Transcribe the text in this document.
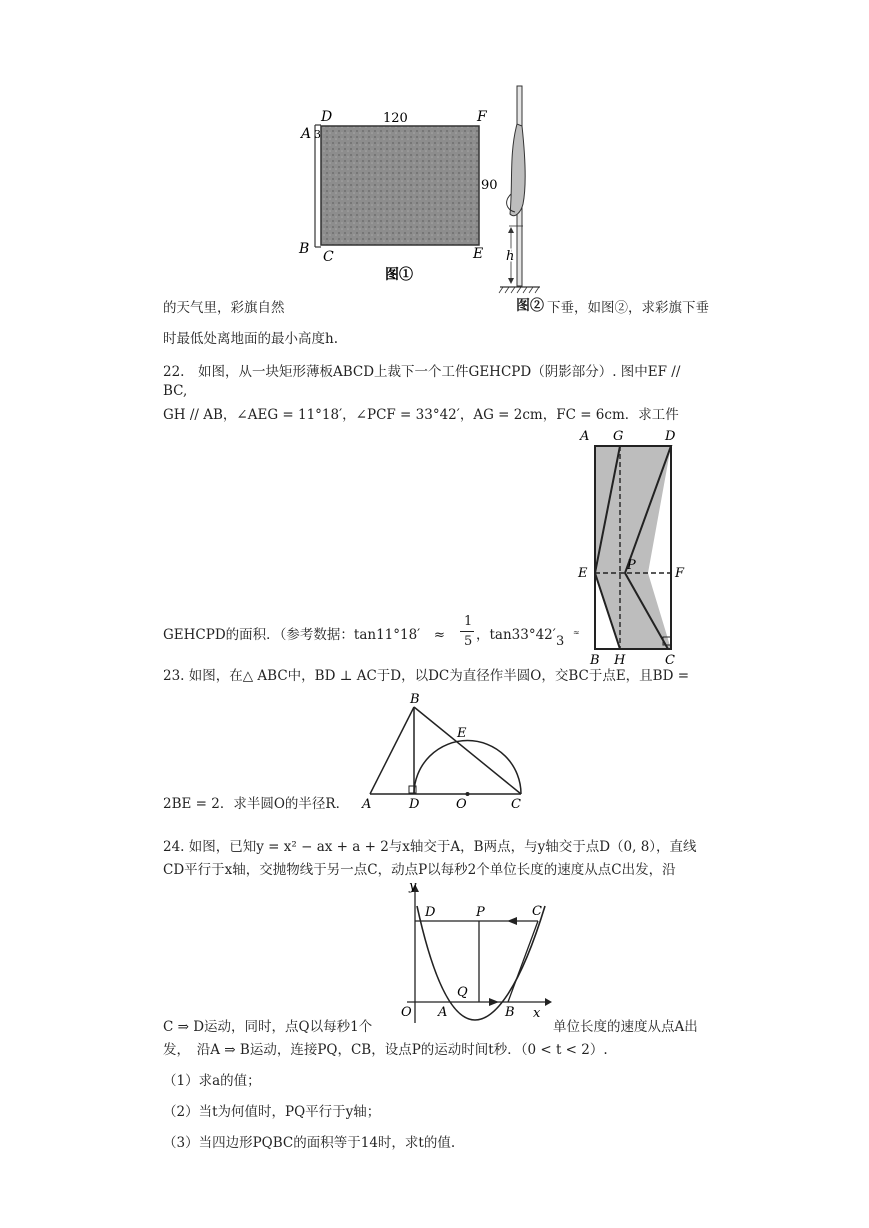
D	120	F
A 3
90
B C	E
图①
h
的天气里，彩旗自然	图② 下垂，如图②，求彩旗下垂
时最低处离地面的最小高度h.
22.　如图，从一块矩形薄板ABCD上裁下一个工件GEHCPD（阴影部分）. 图中EF //
BC,
GH // AB，∠AEG = 11°18′，∠PCF = 33°42′，AG = 2cm，FC = 6cm．求工件
A G	D
E
P
F
B H	C
GEHCPD的面积．（参考数据：tan11°18′　≈
1
5 ，tan33°42′ 3
≈
23. 如图，在△ ABC中，BD ⊥ AC于D，以DC为直径作半圆O，交BC于点E，且BD =
B
E
A	D	O	C
2BE = 2．求半圆O的半径R．
24. 如图，已知y = x² − ax + a + 2与x轴交于A，B两点，与y轴交于点D（0, 8），直线
CD平行于x轴，交抛物线于另一点C，动点P以每秒2个单位长度的速度从点C出发，沿
y
D	P	C
Q
O A	B x
C ⇒ D运动，同时，点Q以每秒1个	单位长度的速度从点A出
发，　沿A ⇒ B运动，连接PQ，CB，设点P的运动时间t秒．（0 < t < 2）.
（1）求a的值；
（2）当t为何值时，PQ平行于y轴；
（3）当四边形PQBC的面积等于14时，求t的值.
